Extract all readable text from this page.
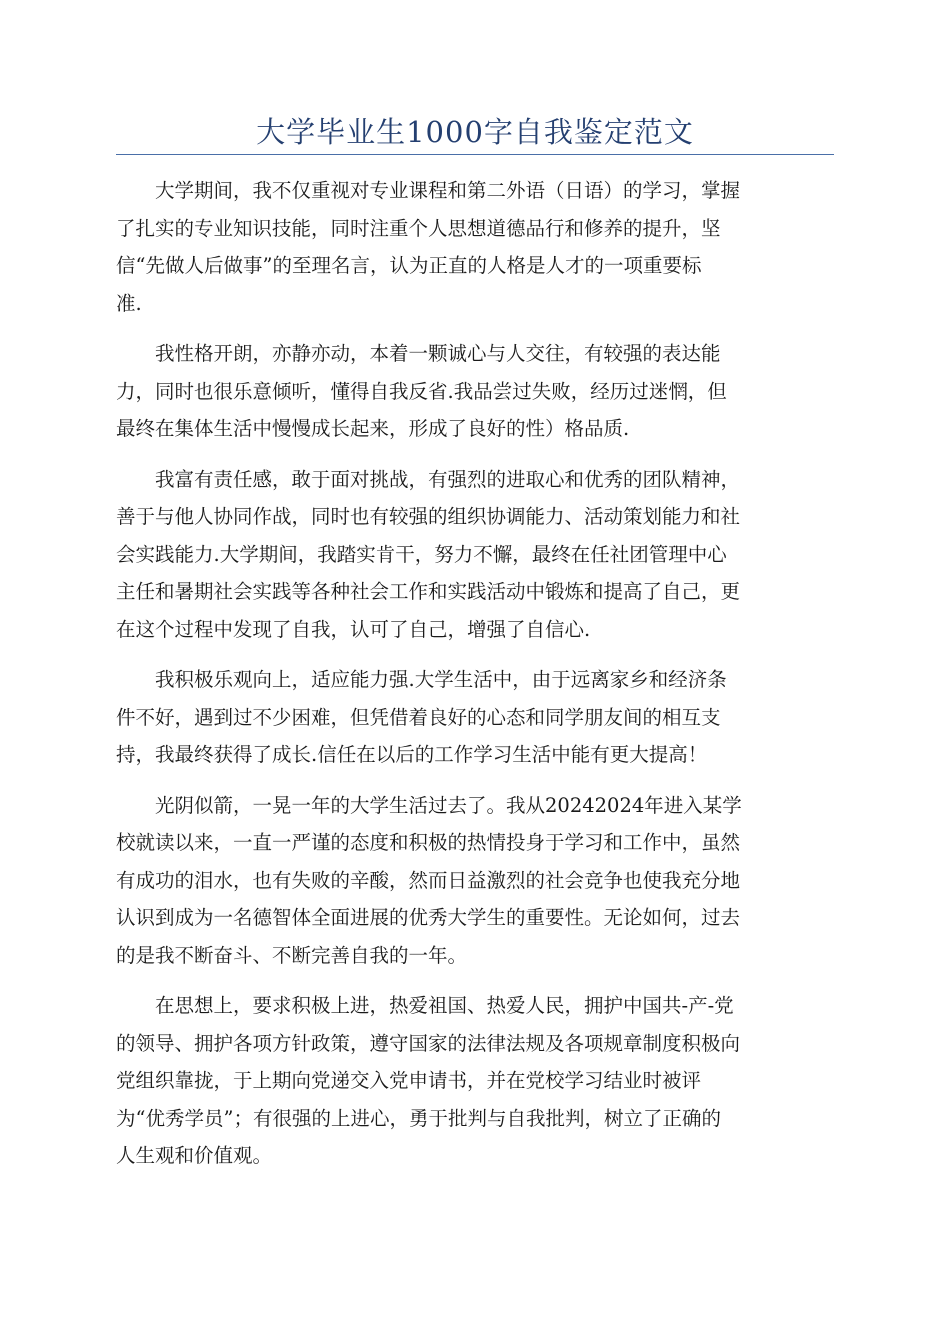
大学毕业生1000字自我鉴定范文
　　大学期间，我不仅重视对专业课程和第二外语（日语）的学习，掌握
了扎实的专业知识技能，同时注重个人思想道德品行和修养的提升，坚
信“先做人后做事”的至理名言，认为正直的人格是人才的一项重要标
准.
　　我性格开朗，亦静亦动，本着一颗诚心与人交往，有较强的表达能
力，同时也很乐意倾听，懂得自我反省.我品尝过失败，经历过迷惘，但
最终在集体生活中慢慢成长起来，形成了良好的性）格品质.
　　我富有责任感，敢于面对挑战，有强烈的进取心和优秀的团队精神，
善于与他人协同作战，同时也有较强的组织协调能力、活动策划能力和社
会实践能力.大学期间，我踏实肯干，努力不懈，最终在任社团管理中心
主任和暑期社会实践等各种社会工作和实践活动中锻炼和提高了自己，更
在这个过程中发现了自我，认可了自己，增强了自信心.
　　我积极乐观向上，适应能力强.大学生活中，由于远离家乡和经济条
件不好，遇到过不少困难，但凭借着良好的心态和同学朋友间的相互支
持，我最终获得了成长.信任在以后的工作学习生活中能有更大提高！
　　光阴似箭，一晃一年的大学生活过去了。我从20242024年进入某学
校就读以来，一直一严谨的态度和积极的热情投身于学习和工作中，虽然
有成功的泪水，也有失败的辛酸，然而日益激烈的社会竞争也使我充分地
认识到成为一名德智体全面进展的优秀大学生的重要性。无论如何，过去
的是我不断奋斗、不断完善自我的一年。
　　在思想上，要求积极上进，热爱祖国、热爱人民，拥护中国共-产-党
的领导、拥护各项方针政策，遵守国家的法律法规及各项规章制度积极向
党组织靠拢，于上期向党递交入党申请书，并在党校学习结业时被评
为“优秀学员”；有很强的上进心，勇于批判与自我批判，树立了正确的
人生观和价值观。
